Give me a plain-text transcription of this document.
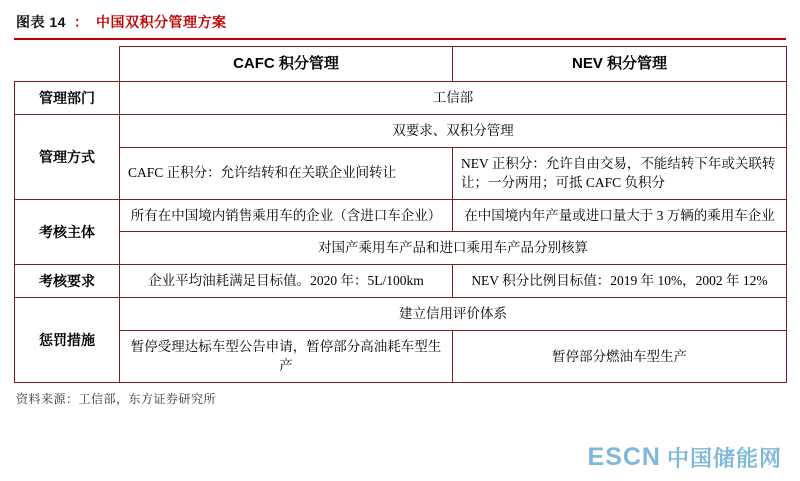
图表 14 ： 中国双积分管理方案
	CAFC 积分管理	NEV 积分管理
管理部门	工信部	
管理方式	双要求、双积分管理	
	CAFC 正积分：允许结转和在关联企业间转让	NEV 正积分：允许自由交易，不能结转下年或关联转让；一分两用；可抵 CAFC 负积分
考核主体	所有在中国境内销售乘用车的企业（含进口车企业）	在中国境内年产量或进口量大于 3 万辆的乘用车企业
	对国产乘用车产品和进口乘用车产品分别核算	
考核要求	企业平均油耗满足目标值。2020 年：5L/100km	NEV 积分比例目标值：2019 年 10%，2002 年 12%
惩罚措施	建立信用评价体系	
	暂停受理达标车型公告申请，暂停部分高油耗车型生产	暂停部分燃油车型生产
资料来源：工信部，东方证券研究所
ESCN 中国储能网
